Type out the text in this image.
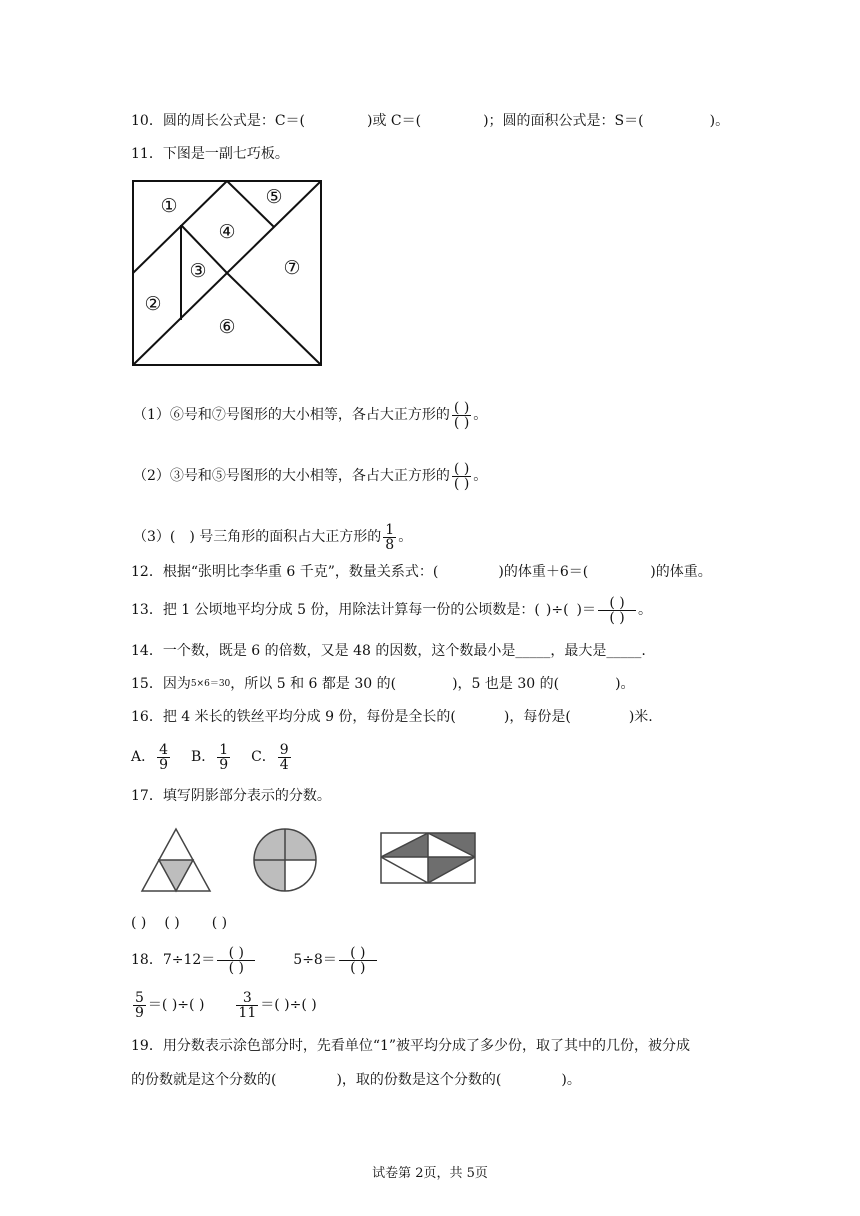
10．圆的周长公式是：C＝(	)或 C＝(	)；圆的面积公式是：S＝(	)。
11．下图是一副七巧板。
①
②
③
④
⑤
⑥
⑦
（1）⑥号和⑦号图形的大小相等，各占大正方形的 $\frac{( )}{( )}$ 。
（2）③号和⑤号图形的大小相等，各占大正方形的 $\frac{( )}{( )}$ 。
（3）( ) 号三角形的面积占大正方形的 $\frac{1}{8}$ 。
12．根据“张明比李华重 6 千克”，数量关系式：(	)的体重＋6＝(	)的体重。
13．把 1 公顷地平均分成 5 份，用除法计算每一份的公顷数是：( )÷( )＝ $\frac{( )}{( )}$ 。
14．一个数，既是 6 的倍数，又是 48 的因数，这个数最小是_____，最大是_____.
15．因为5×6＝30，所以 5 和 6 都是 30 的(	)，5 也是 30 的(	)。
16．把 4 米长的铁丝平均分成 9 份，每份是全长的(	)，每份是(	)米.
A． $\frac{4}{9}$ B． $\frac{1}{9}$ C． $\frac{9}{4}$
17．填写阴影部分表示的分数。
( ) ( ) ( )
18．$7\div 12= \frac{( )}{( )}$	$5\div 8= \frac{( )}{( )}$
$\frac{5}{9}$ ＝( )÷( ) $\frac{3}{11}$ ＝( )÷( )
19．用分数表示涂色部分时，先看单位“1”被平均分成了多少份，取了其中的几份，被分成
的份数就是这个分数的(	)，取的份数是这个分数的(	)。
试卷第 2页，共 5页
